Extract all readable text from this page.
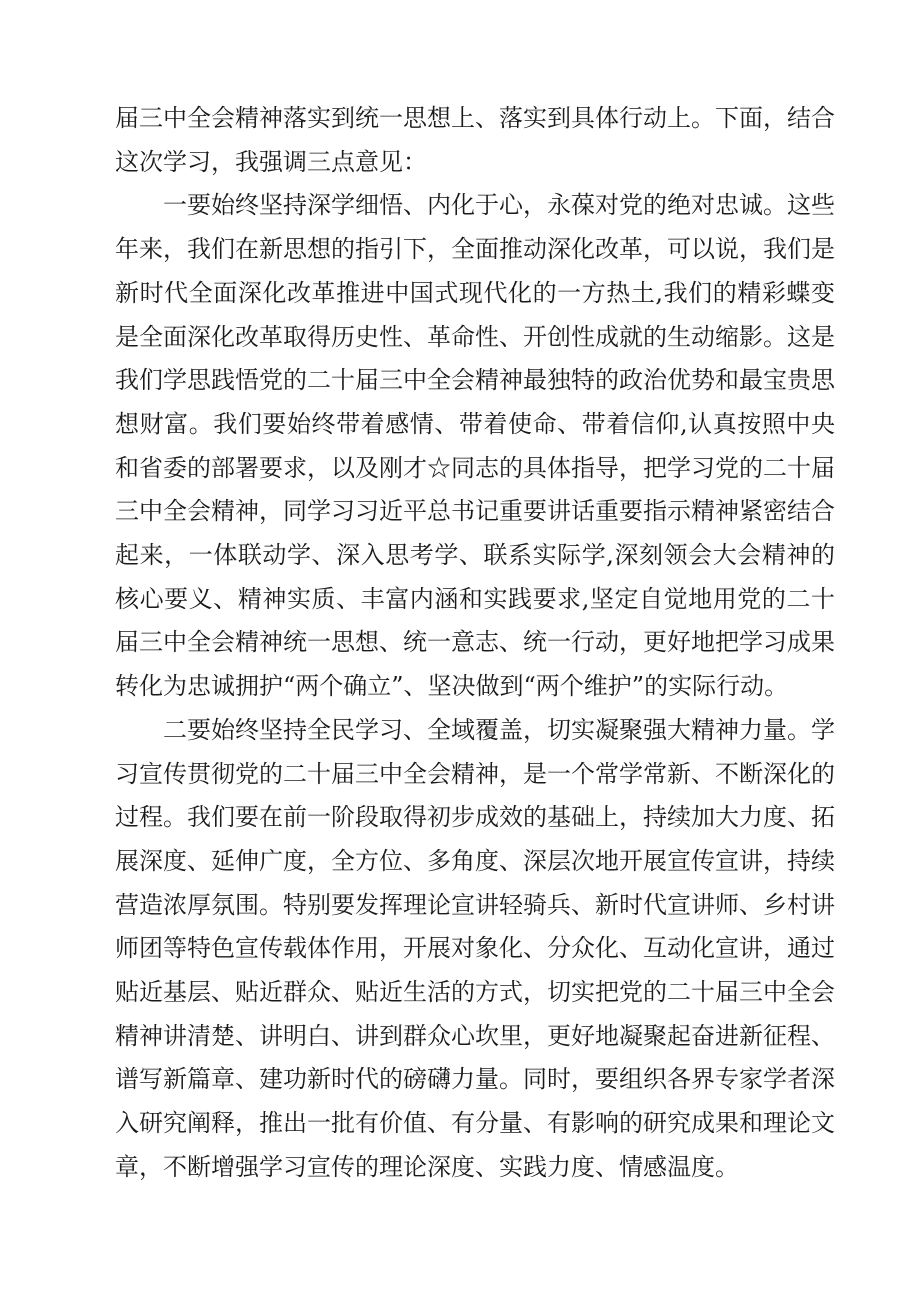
届三中全会精神落实到统一思想上、落实到具体行动上。下面，结合这次学习，我强调三点意见：

一要始终坚持深学细悟、内化于心，永葆对党的绝对忠诚。这些年来，我们在新思想的指引下，全面推动深化改革，可以说，我们是新时代全面深化改革推进中国式现代化的一方热土,我们的精彩蝶变是全面深化改革取得历史性、革命性、开创性成就的生动缩影。这是我们学思践悟党的二十届三中全会精神最独特的政治优势和最宝贵思想财富。我们要始终带着感情、带着使命、带着信仰,认真按照中央和省委的部署要求，以及刚才☆同志的具体指导，把学习党的二十届三中全会精神，同学习习近平总书记重要讲话重要指示精神紧密结合起来，一体联动学、深入思考学、联系实际学,深刻领会大会精神的核心要义、精神实质、丰富内涵和实践要求,坚定自觉地用党的二十届三中全会精神统一思想、统一意志、统一行动，更好地把学习成果转化为忠诚拥护“两个确立”、坚决做到“两个维护”的实际行动。

二要始终坚持全民学习、全域覆盖，切实凝聚强大精神力量。学习宣传贯彻党的二十届三中全会精神，是一个常学常新、不断深化的过程。我们要在前一阶段取得初步成效的基础上，持续加大力度、拓展深度、延伸广度，全方位、多角度、深层次地开展宣传宣讲，持续营造浓厚氛围。特别要发挥理论宣讲轻骑兵、新时代宣讲师、乡村讲师团等特色宣传载体作用，开展对象化、分众化、互动化宣讲，通过贴近基层、贴近群众、贴近生活的方式，切实把党的二十届三中全会精神讲清楚、讲明白、讲到群众心坎里，更好地凝聚起奋进新征程、谱写新篇章、建功新时代的磅礴力量。同时，要组织各界专家学者深入研究阐释，推出一批有价值、有分量、有影响的研究成果和理论文章，不断增强学习宣传的理论深度、实践力度、情感温度。
